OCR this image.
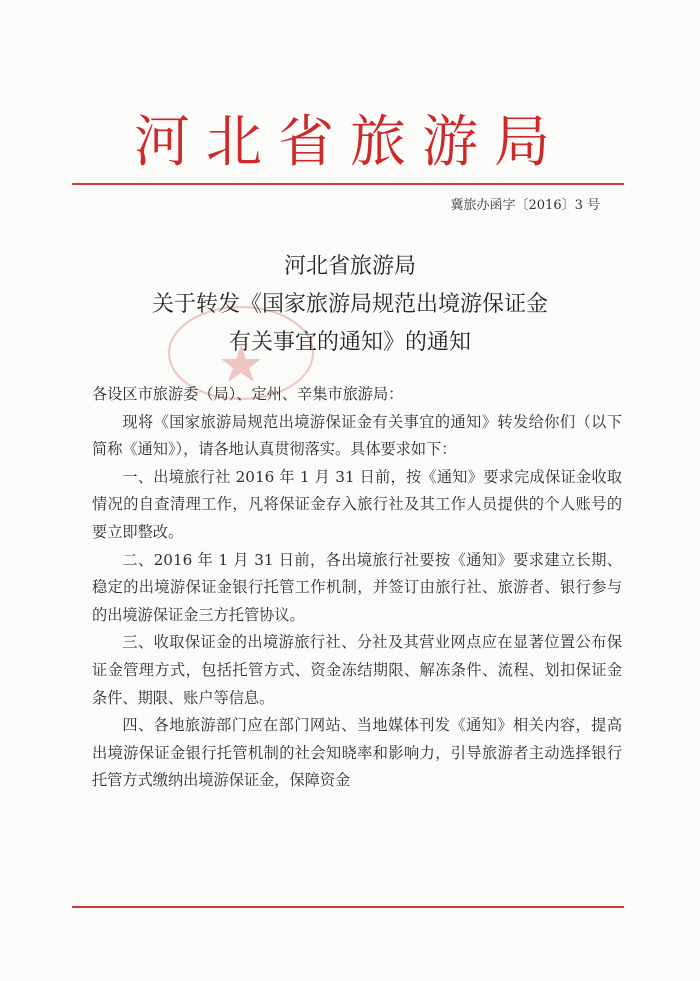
河北省旅游局
冀旅办函字〔2016〕3 号
河北省旅游局
关于转发《国家旅游局规范出境游保证金
有关事宜的通知》的通知

各设区市旅游委（局）、定州、辛集市旅游局：

现将《国家旅游局规范出境游保证金有关事宜的通知》转发给你们（以下简称《通知》），请各地认真贯彻落实。具体要求如下：

一、出境旅行社 2016 年 1 月 31 日前，按《通知》要求完成保证金收取情况的自查清理工作，凡将保证金存入旅行社及其工作人员提供的个人账号的要立即整改。

二、2016 年 1 月 31 日前，各出境旅行社要按《通知》要求建立长期、稳定的出境游保证金银行托管工作机制，并签订由旅行社、旅游者、银行参与的出境游保证金三方托管协议。

三、收取保证金的出境游旅行社、分社及其营业网点应在显著位置公布保证金管理方式，包括托管方式、资金冻结期限、解冻条件、流程、划扣保证金条件、期限、账户等信息。

四、各地旅游部门应在部门网站、当地媒体刊发《通知》相关内容，提高出境游保证金银行托管机制的社会知晓率和影响力，引导旅游者主动选择银行托管方式缴纳出境游保证金，保障资金
